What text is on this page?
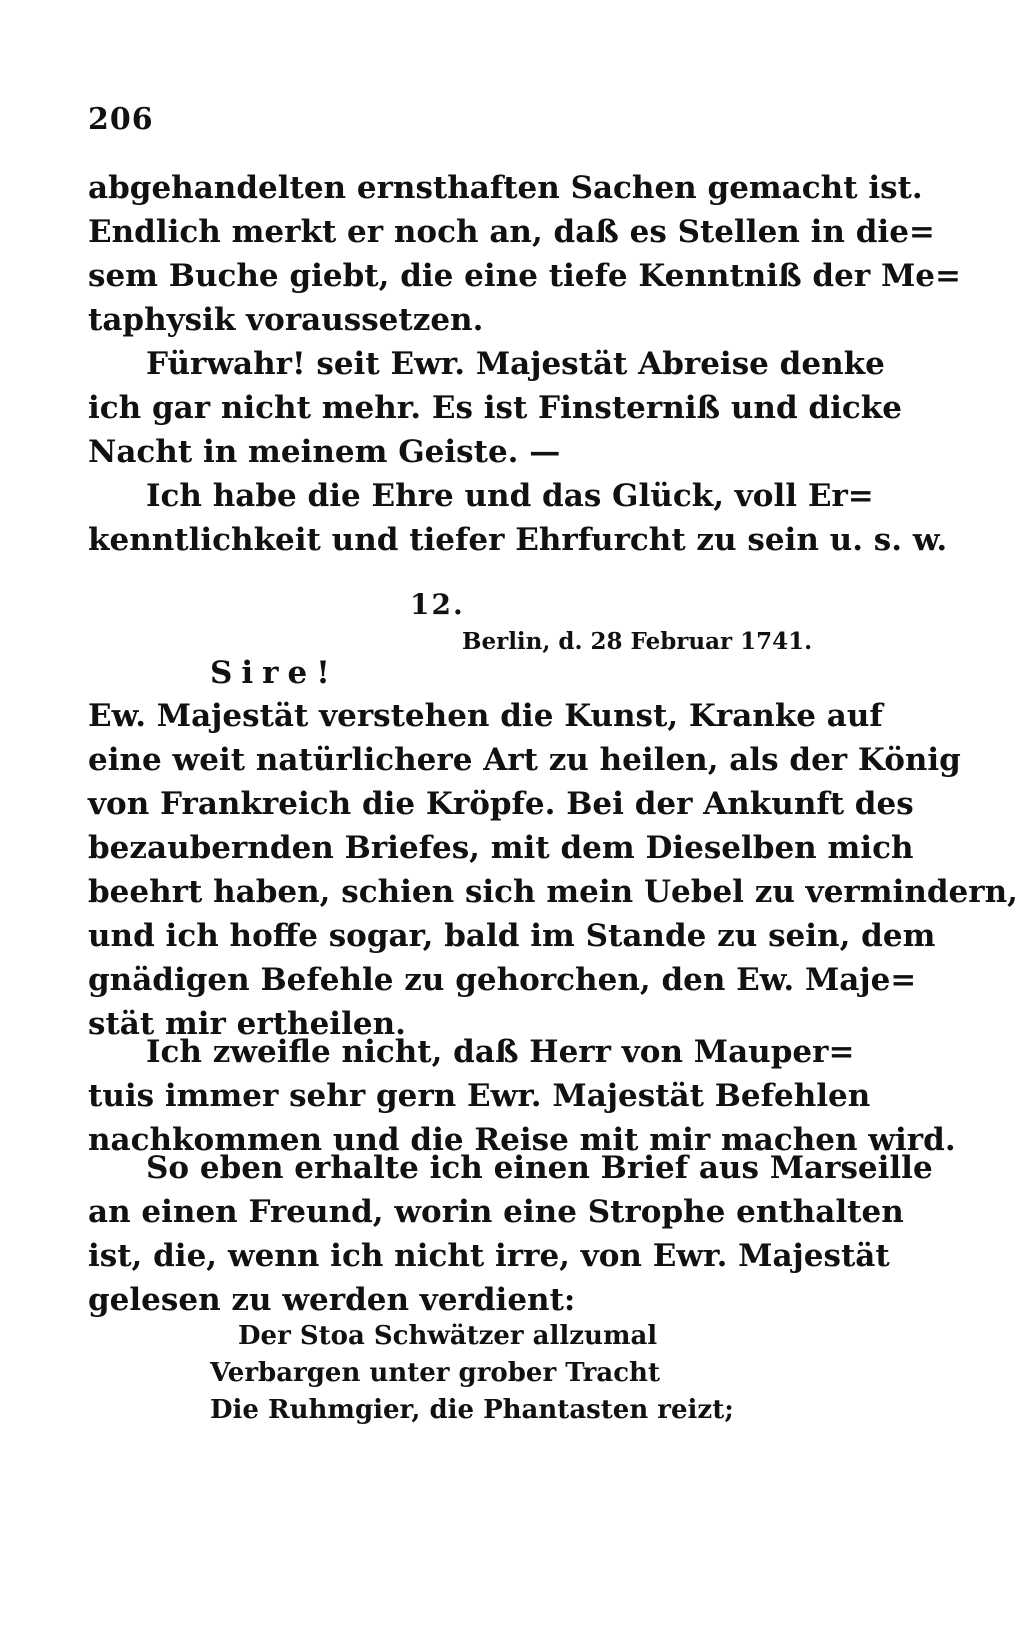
206
abgehandelten ernsthaften Sachen gemacht ist.
Endlich merkt er noch an, daß es Stellen in die=
sem Buche giebt, die eine tiefe Kenntniß der Me=
taphysik voraussetzen.
Fürwahr! seit Ewr. Majestät Abreise denke
ich gar nicht mehr. Es ist Finsterniß und dicke
Nacht in meinem Geiste. —
Ich habe die Ehre und das Glück, voll Er=
kenntlichkeit und tiefer Ehrfurcht zu sein u. s. w.
12.
Berlin, d. 28 Februar 1741.
Sire!
Ew. Majestät verstehen die Kunst, Kranke auf
eine weit natürlichere Art zu heilen, als der König
von Frankreich die Kröpfe. Bei der Ankunft des
bezaubernden Briefes, mit dem Dieselben mich
beehrt haben, schien sich mein Uebel zu vermindern,
und ich hoffe sogar, bald im Stande zu sein, dem
gnädigen Befehle zu gehorchen, den Ew. Maje=
stät mir ertheilen.
Ich zweifle nicht, daß Herr von Mauper=
tuis immer sehr gern Ewr. Majestät Befehlen
nachkommen und die Reise mit mir machen wird.
So eben erhalte ich einen Brief aus Marseille
an einen Freund, worin eine Strophe enthalten
ist, die, wenn ich nicht irre, von Ewr. Majestät
gelesen zu werden verdient:
Der Stoa Schwätzer allzumal
Verbargen unter grober Tracht
Die Ruhmgier, die Phantasten reizt;
